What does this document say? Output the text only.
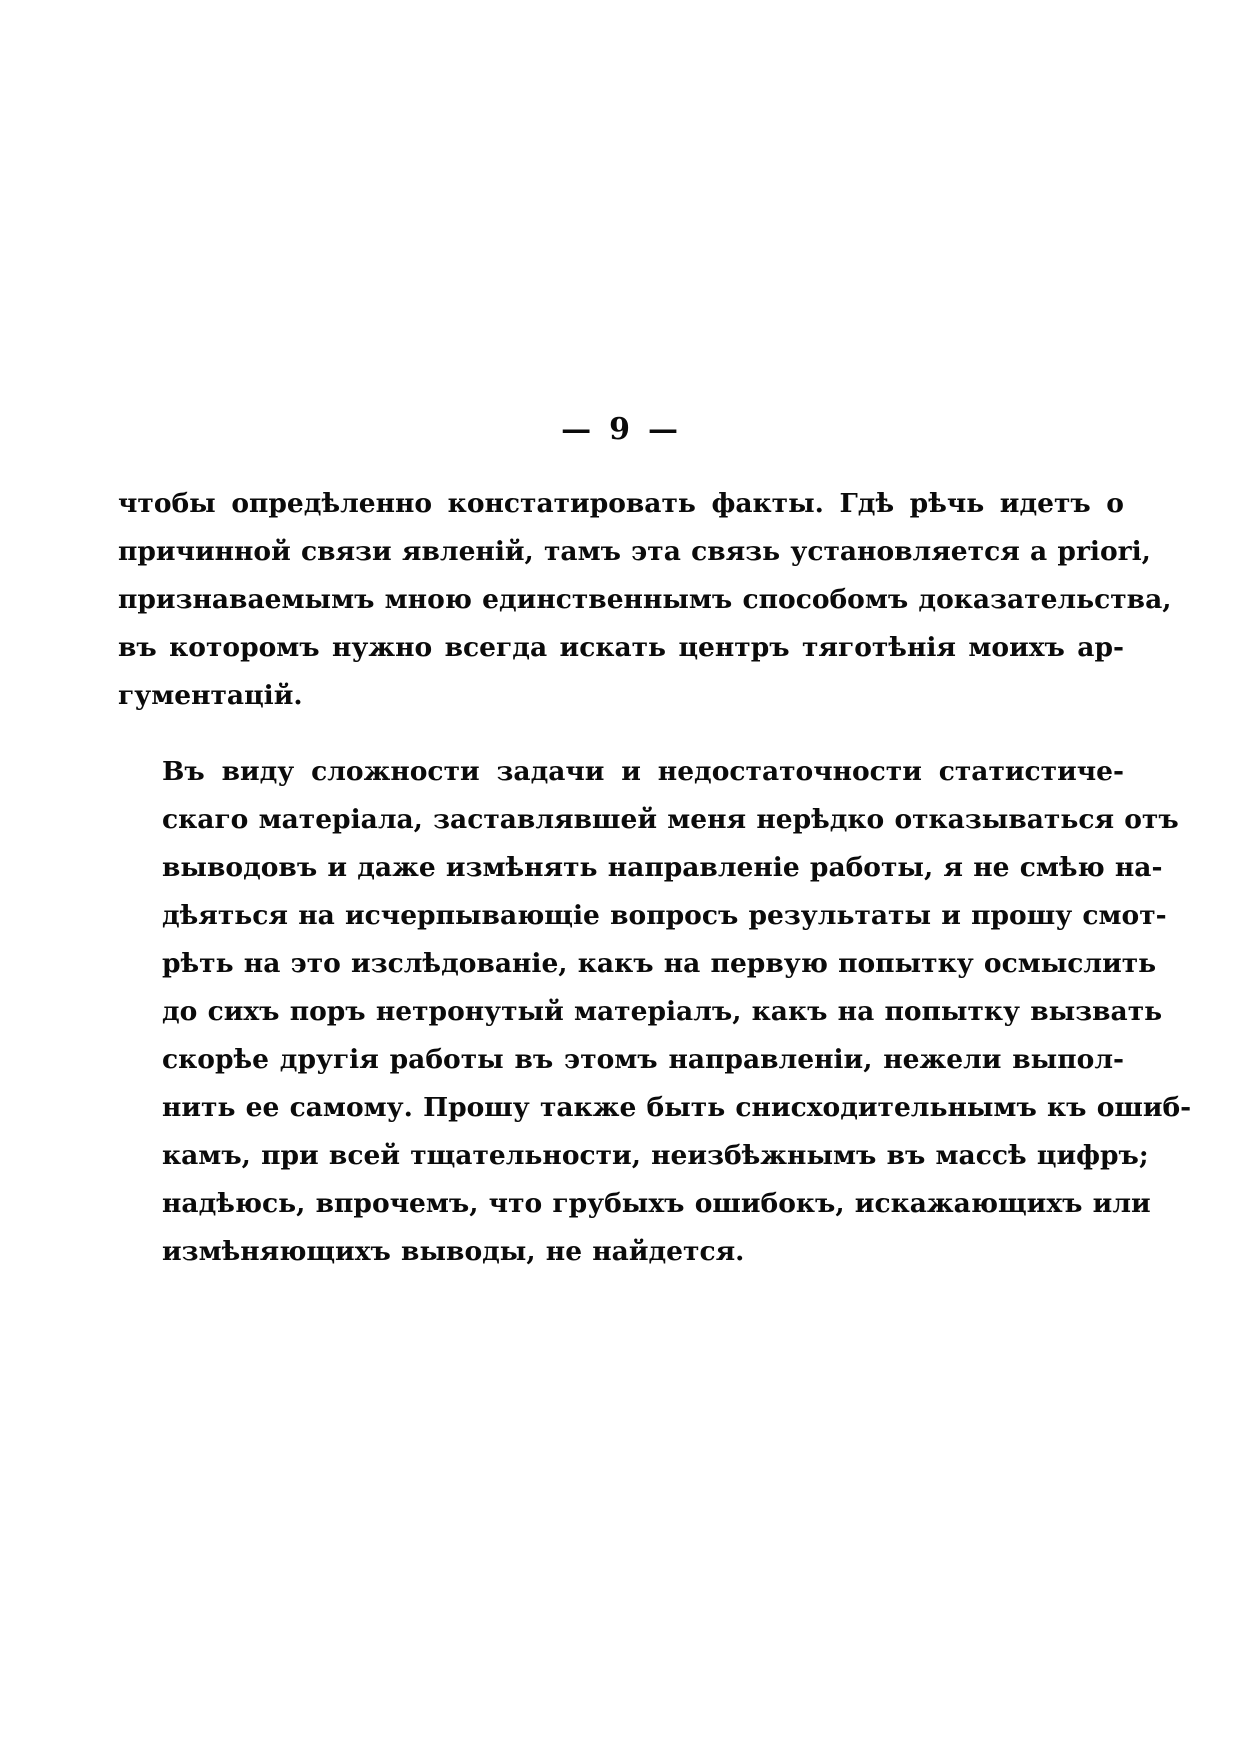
— 9 —

чтобы опредѣленно констатировать факты. Гдѣ рѣчь идетъ о
причинной связи явленій, тамъ эта связь установляется a priori,
признаваемымъ мною единственнымъ способомъ доказательства,
въ которомъ нужно всегда искать центръ тяготѣнія моихъ ар-
гументацій.

Въ виду сложности задачи и недостаточности статистиче-
скаго матеріала, заставлявшей меня нерѣдко отказываться отъ
выводовъ и даже измѣнять направленіе работы, я не смѣю на-
дѣяться на исчерпывающіе вопросъ результаты и прошу смот-
рѣть на это изслѣдованіе, какъ на первую попытку осмыслить
до сихъ поръ нетронутый матеріалъ, какъ на попытку вызвать
скорѣе другія работы въ этомъ направленіи, нежели выпол-
нить ее самому. Прошу также быть снисходительнымъ къ ошиб-
камъ, при всей тщательности, неизбѣжнымъ въ массѣ цифръ;
надѣюсь, впрочемъ, что грубыхъ ошибокъ, искажающихъ или
измѣняющихъ выводы, не найдется.
